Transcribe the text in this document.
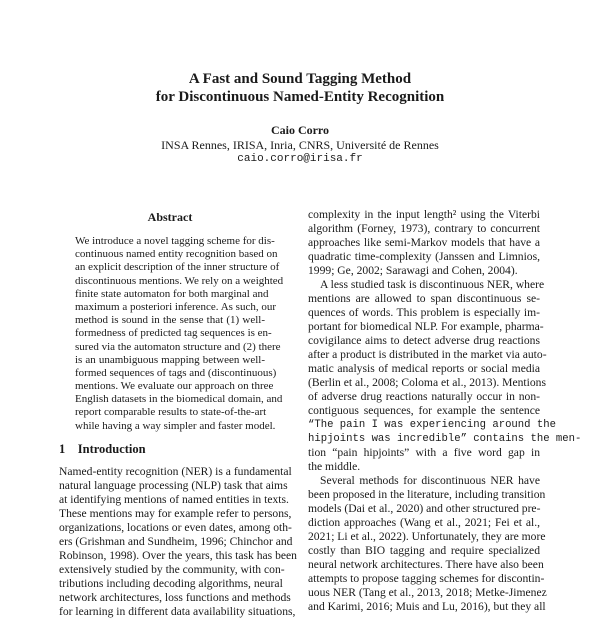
A Fast and Sound Tagging Method
for Discontinuous Named-Entity Recognition
Caio Corro
INSA Rennes, IRISA, Inria, CNRS, Université de Rennes
caio.corro@irisa.fr
Abstract
We introduce a novel tagging scheme for dis-
continuous named entity recognition based on
an explicit description of the inner structure of
discontinuous mentions. We rely on a weighted
finite state automaton for both marginal and
maximum a posteriori inference. As such, our
method is sound in the sense that (1) well-
formedness of predicted tag sequences is en-
sured via the automaton structure and (2) there
is an unambiguous mapping between well-
formed sequences of tags and (discontinuous)
mentions. We evaluate our approach on three
English datasets in the biomedical domain, and
report comparable results to state-of-the-art
while having a way simpler and faster model.
1 Introduction
Named-entity recognition (NER) is a fundamental
natural language processing (NLP) task that aims
at identifying mentions of named entities in texts.
These mentions may for example refer to persons,
organizations, locations or even dates, among oth-
ers (Grishman and Sundheim, 1996; Chinchor and
Robinson, 1998). Over the years, this task has been
extensively studied by the community, with con-
tributions including decoding algorithms, neural
network architectures, loss functions and methods
for learning in different data availability situations,
complexity in the input length² using the Viterbi
algorithm (Forney, 1973), contrary to concurrent
approaches like semi-Markov models that have a
quadratic time-complexity (Janssen and Limnios,
1999; Ge, 2002; Sarawagi and Cohen, 2004).
A less studied task is discontinuous NER, where
mentions are allowed to span discontinuous se-
quences of words. This problem is especially im-
portant for biomedical NLP. For example, pharma-
covigilance aims to detect adverse drug reactions
after a product is distributed in the market via auto-
matic analysis of medical reports or social media
(Berlin et al., 2008; Coloma et al., 2013). Mentions
of adverse drug reactions naturally occur in non-
contiguous sequences, for example the sentence
“The pain I was experiencing around the
hipjoints was incredible” contains the men-
tion “pain hipjoints” with a five word gap in
the middle.
Several methods for discontinuous NER have
been proposed in the literature, including transition
models (Dai et al., 2020) and other structured pre-
diction approaches (Wang et al., 2021; Fei et al.,
2021; Li et al., 2022). Unfortunately, they are more
costly than BIO tagging and require specialized
neural network architectures. There have also been
attempts to propose tagging schemes for discontin-
uous NER (Tang et al., 2013, 2018; Metke-Jimenez
and Karimi, 2016; Muis and Lu, 2016), but they all
